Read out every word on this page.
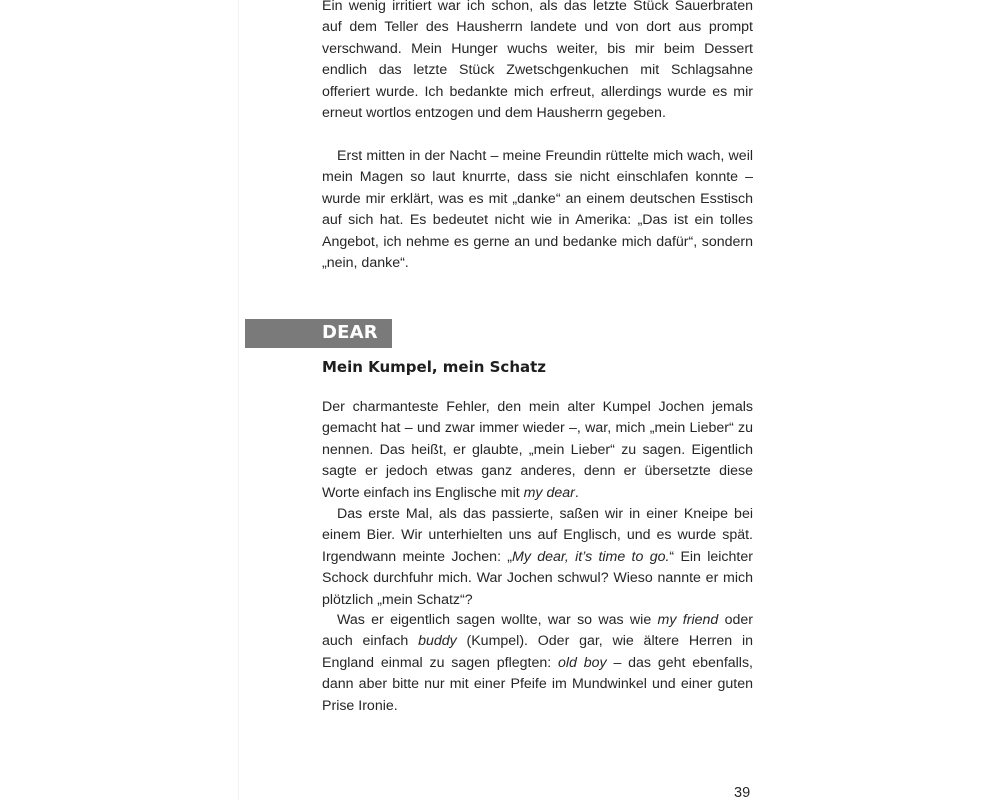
Ein wenig irritiert war ich schon, als das letzte Stück Sauerbraten auf dem Teller des Hausherrn landete und von dort aus prompt verschwand. Mein Hunger wuchs weiter, bis mir beim Dessert endlich das letzte Stück Zwetschgenkuchen mit Schlagsahne offeriert wurde. Ich bedankte mich erfreut, allerdings wurde es mir erneut wortlos entzogen und dem Hausherrn gegeben.

Erst mitten in der Nacht – meine Freundin rüttelte mich wach, weil mein Magen so laut knurrte, dass sie nicht einschlafen konnte – wurde mir erklärt, was es mit „danke“ an einem deutschen Esstisch auf sich hat. Es bedeutet nicht wie in Amerika: „Das ist ein tolles Angebot, ich nehme es gerne an und bedanke mich dafür“, sondern „nein, danke“.

DEAR
Mein Kumpel, mein Schatz

Der charmanteste Fehler, den mein alter Kumpel Jochen jemals gemacht hat – und zwar immer wieder –, war, mich „mein Lieber“ zu nennen. Das heißt, er glaubte, „mein Lieber“ zu sagen. Eigentlich sagte er jedoch etwas ganz anderes, denn er übersetzte diese Worte einfach ins Englische mit my dear.

Das erste Mal, als das passierte, saßen wir in einer Kneipe bei einem Bier. Wir unterhielten uns auf Englisch, und es wurde spät. Irgendwann meinte Jochen: „My dear, it’s time to go.“ Ein leichter Schock durchfuhr mich. War Jochen schwul? Wieso nannte er mich plötzlich „mein Schatz“?

Was er eigentlich sagen wollte, war so was wie my friend oder auch einfach buddy (Kumpel). Oder gar, wie ältere Herren in England einmal zu sagen pflegten: old boy – das geht ebenfalls, dann aber bitte nur mit einer Pfeife im Mundwinkel und einer guten Prise Ironie.

39
